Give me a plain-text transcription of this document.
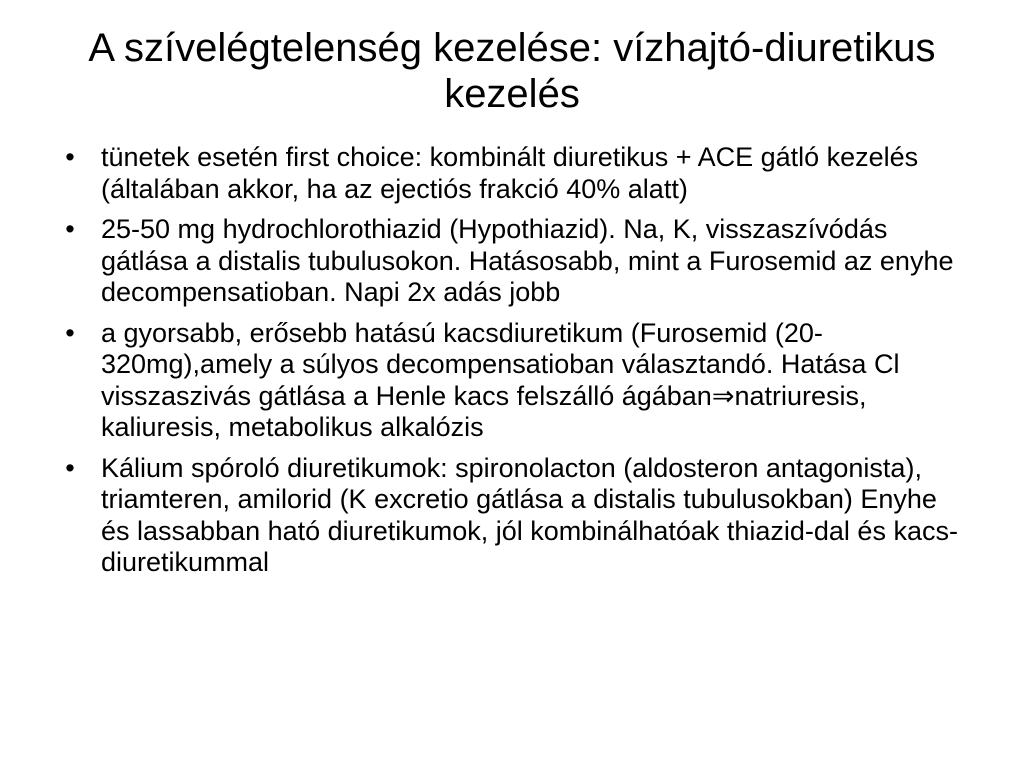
A szívelégtelenség kezelése: vízhajtó-diuretikus kezelés
• tünetek esetén first choice: kombinált diuretikus + ACE gátló kezelés (általában akkor, ha az ejectiós frakció 40% alatt)
• 25-50 mg hydrochlorothiazid (Hypothiazid). Na, K, visszaszívódás gátlása a distalis tubulusokon. Hatásosabb, mint a Furosemid az enyhe decompensatioban. Napi 2x adás jobb
• a gyorsabb, erősebb hatású kacsdiuretikum (Furosemid (20-320mg),amely a súlyos decompensatioban választandó. Hatása Cl visszaszivás gátlása a Henle kacs felszálló ágában⇒natriuresis, kaliuresis, metabolikus alkalózis
• Kálium spóroló diuretikumok: spironolacton (aldosteron antagonista), triamteren, amilorid (K excretio gátlása a distalis tubulusokban) Enyhe és lassabban ható diuretikumok, jól kombinálhatóak thiazid-dal és kacs-diuretikummal
